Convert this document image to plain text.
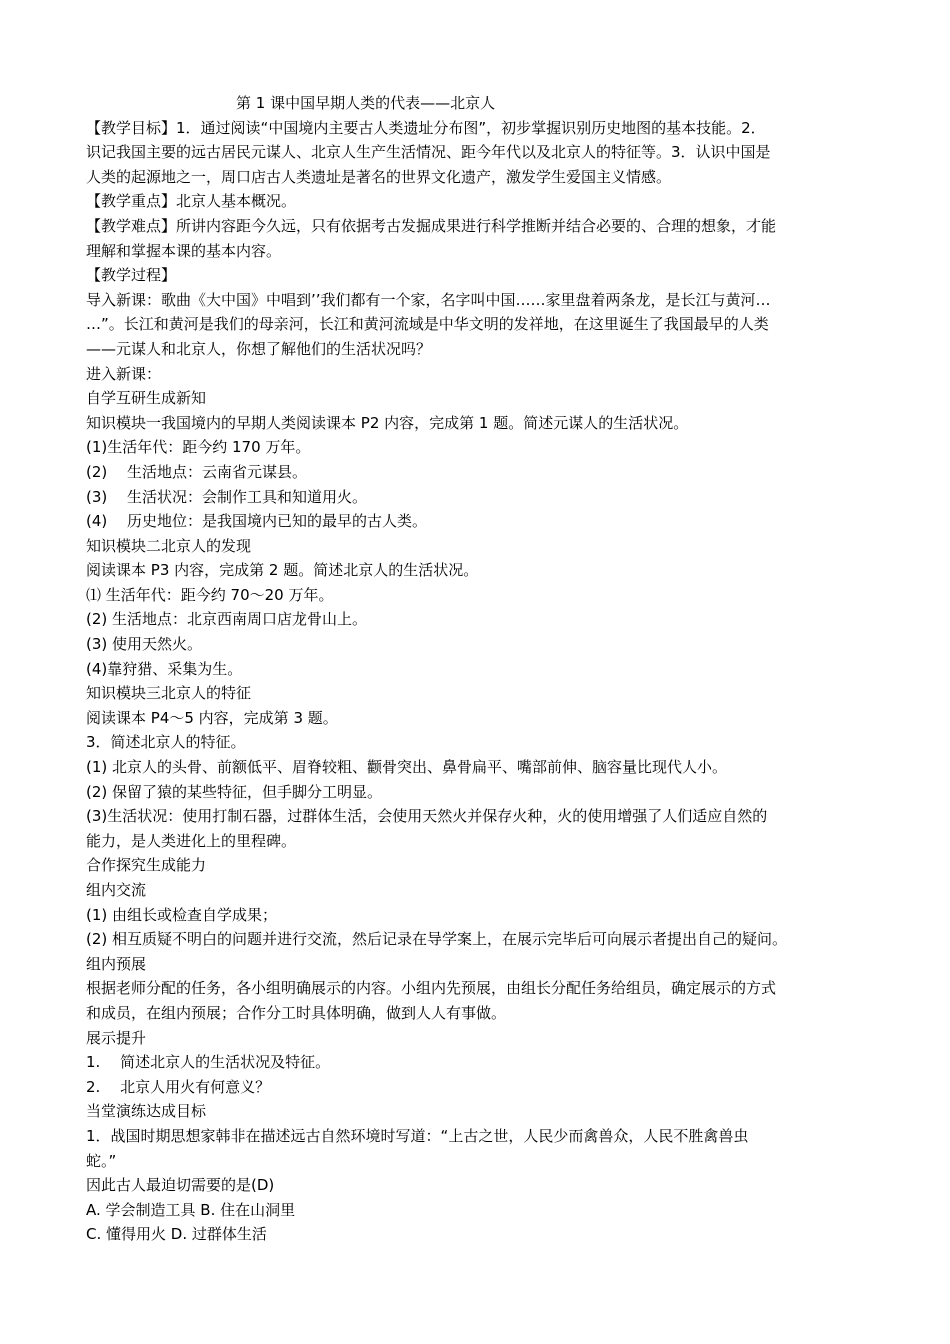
第 1 课中国早期人类的代表——北京人

【教学目标】1．通过阅读“中国境内主要古人类遗址分布图”，初步掌握识别历史地图的基本技能。2．

识记我国主要的远古居民元谋人、北京人生产生活情况、距今年代以及北京人的特征等。3．认识中国是

人类的起源地之一，周口店古人类遗址是著名的世界文化遗产，激发学生爱国主义情感。

【教学重点】北京人基本概况。

【教学难点】所讲内容距今久远，只有依据考古发掘成果进行科学推断并结合必要的、合理的想象，才能

理解和掌握本课的基本内容。

【教学过程】

导入新课：歌曲《大中国》中唱到’’我们都有一个家，名字叫中国……家里盘着两条龙，是长江与黄河…

…”。长江和黄河是我们的母亲河，长江和黄河流域是中华文明的发祥地，在这里诞生了我国最早的人类

——元谋人和北京人，你想了解他们的生活状况吗？

进入新课：

自学互研生成新知

知识模块一我国境内的早期人类阅读课本 P2 内容，完成第 1 题。简述元谋人的生活状况。

(1)生活年代：距今约 170 万年。

(2)　 生活地点：云南省元谋县。

(3)　 生活状况：会制作工具和知道用火。

(4)　 历史地位：是我国境内已知的最早的古人类。

知识模块二北京人的发现

阅读课本 P3 内容，完成第 2 题。简述北京人的生活状况。

⑴ 生活年代：距今约 70〜20 万年。

(2) 生活地点：北京西南周口店龙骨山上。

(3) 使用天然火。

(4)靠狩猎、采集为生。

知识模块三北京人的特征

阅读课本 P4〜5 内容，完成第 3 题。

3．简述北京人的特征。

(1) 北京人的头骨、前额低平、眉脊较粗、颧骨突出、鼻骨扁平、嘴部前伸、脑容量比现代人小。

(2) 保留了猿的某些特征，但手脚分工明显。

(3)生活状况：使用打制石器，过群体生活，会使用天然火并保存火种，火的使用增强了人们适应自然的

能力，是人类进化上的里程碑。

合作探究生成能力

组内交流

(1) 由组长或检查自学成果；

(2) 相互质疑不明白的问题并进行交流，然后记录在导学案上，在展示完毕后可向展示者提出自己的疑问。

组内预展

根据老师分配的任务，各小组明确展示的内容。小组内先预展，由组长分配任务给组员，确定展示的方式

和成员，在组内预展；合作分工时具体明确，做到人人有事做。

展示提升

1.　 简述北京人的生活状况及特征。

2.　 北京人用火有何意义？

当堂演练达成目标

1．战国时期思想家韩非在描述远古自然环境时写道：“上古之世，人民少而禽兽众，人民不胜禽兽虫

蛇。”

因此古人最迫切需要的是(D)

A. 学会制造工具 B. 住在山洞里

C. 懂得用火 D. 过群体生活
